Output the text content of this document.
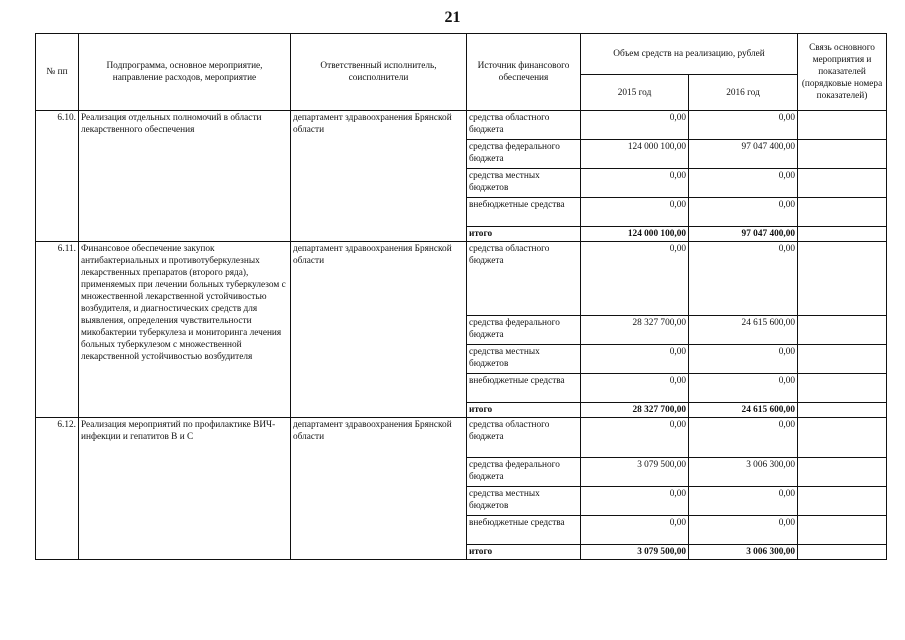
21
№ пп	Подпрограмма, основное мероприятие, направление расходов, мероприятие	Ответственный исполнитель, соисполнители	Источник финансового обеспечения	Объем средств на реализацию, рублей		Связь основного мероприятия и показателей (порядковые номера показателей)
				2015 год	2016 год	
6.10.	Реализация отдельных полномочий в области лекарственного обеспечения	департамент здравоохранения Брянской области	средства областного бюджета	0,00	0,00	
			средства федерального бюджета	124 000 100,00	97 047 400,00	
			средства местных бюджетов	0,00	0,00	
			внебюджетные средства	0,00	0,00	
			итого	124 000 100,00	97 047 400,00	
6.11.	Финансовое обеспечение закупок антибактериальных и противотуберкулезных лекарственных препаратов (второго ряда), применяемых при лечении больных туберкулезом с множественной лекарственной устойчивостью возбудителя, и диагностических средств для выявления, определения чувствительности микобактерии туберкулеза и мониторинга лечения больных туберкулезом с множественной лекарственной устойчивостью возбудителя	департамент здравоохранения Брянской области	средства областного бюджета	0,00	0,00	
			средства федерального бюджета	28 327 700,00	24 615 600,00	
			средства местных бюджетов	0,00	0,00	
			внебюджетные средства	0,00	0,00	
			итого	28 327 700,00	24 615 600,00	
6.12.	Реализация мероприятий по профилактике ВИЧ-инфекции и гепатитов В и С	департамент здравоохранения Брянской области	средства областного бюджета	0,00	0,00	
			средства федерального бюджета	3 079 500,00	3 006 300,00	
			средства местных бюджетов	0,00	0,00	
			внебюджетные средства	0,00	0,00	
			итого	3 079 500,00	3 006 300,00	
